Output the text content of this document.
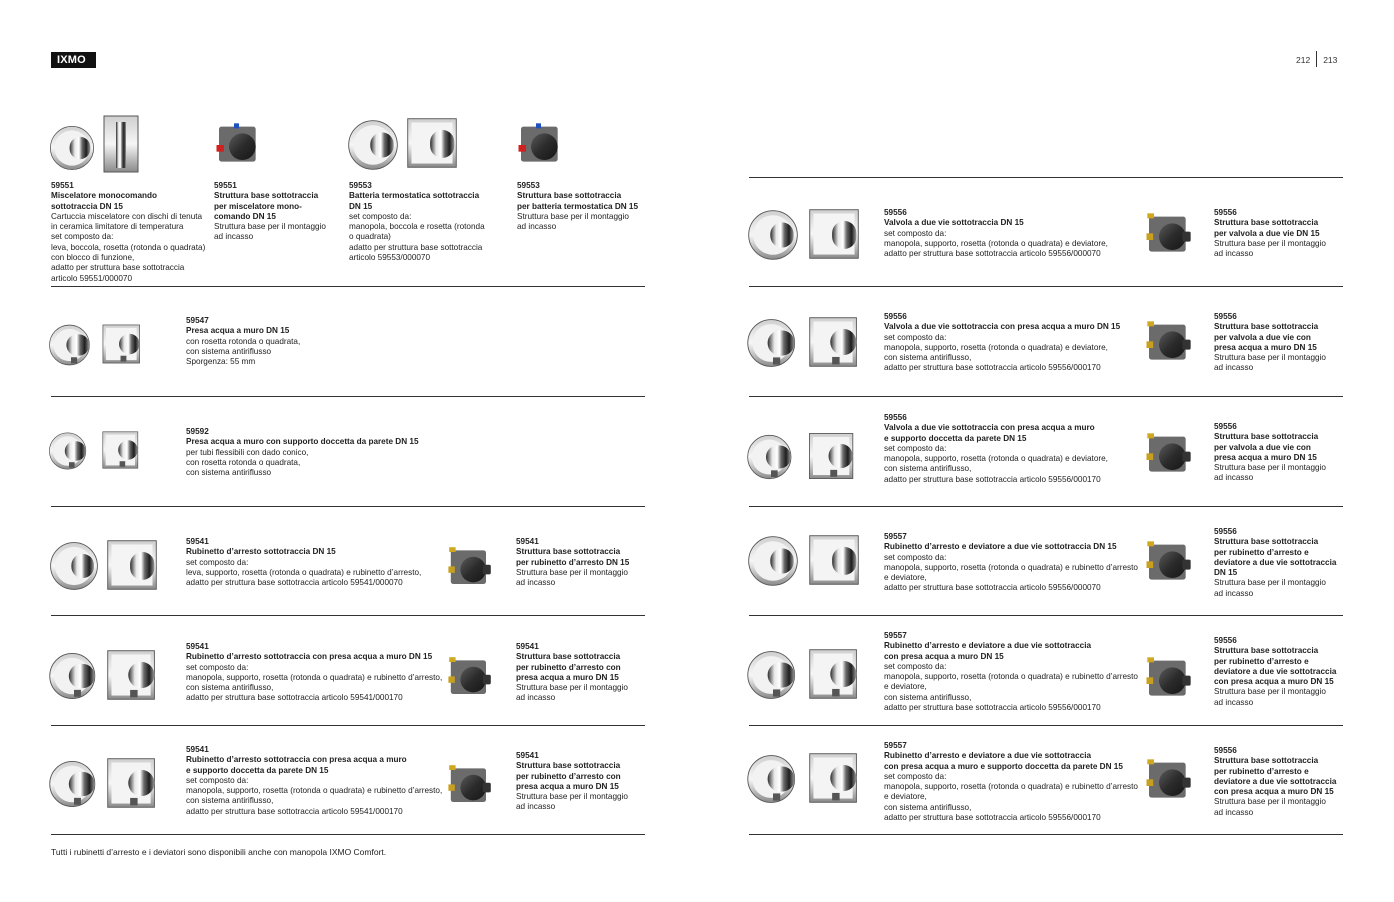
IXMO	212 213
59551
Miscelatore monocomando
sottotraccia DN 15
Cartuccia miscelatore con dischi di tenuta
in ceramica limitatore di temperatura
set composto da:
leva, boccola, rosetta (rotonda o quadrata)
con blocco di funzione,
adatto per struttura base sottotraccia
articolo 59551/000070
59551
Struttura base sottotraccia
per miscelatore mono-
comando DN 15
Struttura base per il montaggio
ad incasso
59553
Batteria termostatica sottotraccia
DN 15
set composto da:
manopola, boccola e rosetta (rotonda
o quadrata)
adatto per struttura base sottotraccia
articolo 59553/000070
59553
Struttura base sottotraccia
per batteria termostatica DN 15
Struttura base per il montaggio
ad incasso
59547
Presa acqua a muro DN 15
con rosetta rotonda o quadrata,
con sistema antiriflusso
Sporgenza: 55 mm
59592
Presa acqua a muro con supporto doccetta da parete DN 15
per tubi flessibili con dado conico,
con rosetta rotonda o quadrata,
con sistema antiriflusso
59541
Rubinetto d’arresto sottotraccia DN 15
set composto da:
leva, supporto, rosetta (rotonda o quadrata) e rubinetto d’arresto,
adatto per struttura base sottotraccia articolo 59541/000070
59541
Struttura base sottotraccia
per rubinetto d’arresto DN 15
Struttura base per il montaggio
ad incasso
59541
Rubinetto d’arresto sottotraccia con presa acqua a muro DN 15
set composto da:
manopola, supporto, rosetta (rotonda o quadrata) e rubinetto d’arresto,
con sistema antiriflusso,
adatto per struttura base sottotraccia articolo 59541/000170
59541
Struttura base sottotraccia
per rubinetto d’arresto con
presa acqua a muro DN 15
Struttura base per il montaggio
ad incasso
59541
Rubinetto d’arresto sottotraccia con presa acqua a muro
e supporto doccetta da parete DN 15
set composto da:
manopola, supporto, rosetta (rotonda o quadrata) e rubinetto d’arresto,
con sistema antiriflusso,
adatto per struttura base sottotraccia articolo 59541/000170
59541
Struttura base sottotraccia
per rubinetto d’arresto con
presa acqua a muro DN 15
Struttura base per il montaggio
ad incasso
Tutti i rubinetti d’arresto e i deviatori sono disponibili anche con manopola IXMO Comfort.
59556
Valvola a due vie sottotraccia DN 15
set composto da:
manopola, supporto, rosetta (rotonda o quadrata) e deviatore,
adatto per struttura base sottotraccia articolo 59556/000070
59556
Struttura base sottotraccia
per valvola a due vie DN 15
Struttura base per il montaggio
ad incasso
59556
Valvola a due vie sottotraccia con presa acqua a muro DN 15
set composto da:
manopola, supporto, rosetta (rotonda o quadrata) e deviatore,
con sistema antiriflusso,
adatto per struttura base sottotraccia articolo 59556/000170
59556
Struttura base sottotraccia
per valvola a due vie con
presa acqua a muro DN 15
Struttura base per il montaggio
ad incasso
59556
Valvola a due vie sottotraccia con presa acqua a muro
e supporto doccetta da parete DN 15
set composto da:
manopola, supporto, rosetta (rotonda o quadrata) e deviatore,
con sistema antiriflusso,
adatto per struttura base sottotraccia articolo 59556/000170
59556
Struttura base sottotraccia
per valvola a due vie con
presa acqua a muro DN 15
Struttura base per il montaggio
ad incasso
59557
Rubinetto d’arresto e deviatore a due vie sottotraccia DN 15
set composto da:
manopola, supporto, rosetta (rotonda o quadrata) e rubinetto d’arresto
e deviatore,
adatto per struttura base sottotraccia articolo 59556/000070
59556
Struttura base sottotraccia
per rubinetto d’arresto e
deviatore a due vie sottotraccia
DN 15
Struttura base per il montaggio
ad incasso
59557
Rubinetto d’arresto e deviatore a due vie sottotraccia
con presa acqua a muro DN 15
set composto da:
manopola, supporto, rosetta (rotonda o quadrata) e rubinetto d’arresto
e deviatore,
con sistema antiriflusso,
adatto per struttura base sottotraccia articolo 59556/000170
59556
Struttura base sottotraccia
per rubinetto d’arresto e
deviatore a due vie sottotraccia
con presa acqua a muro DN 15
Struttura base per il montaggio
ad incasso
59557
Rubinetto d’arresto e deviatore a due vie sottotraccia
con presa acqua a muro e supporto doccetta da parete DN 15
set composto da:
manopola, supporto, rosetta (rotonda o quadrata) e rubinetto d’arresto
e deviatore,
con sistema antiriflusso,
adatto per struttura base sottotraccia articolo 59556/000170
59556
Struttura base sottotraccia
per rubinetto d’arresto e
deviatore a due vie sottotraccia
con presa acqua a muro DN 15
Struttura base per il montaggio
ad incasso
